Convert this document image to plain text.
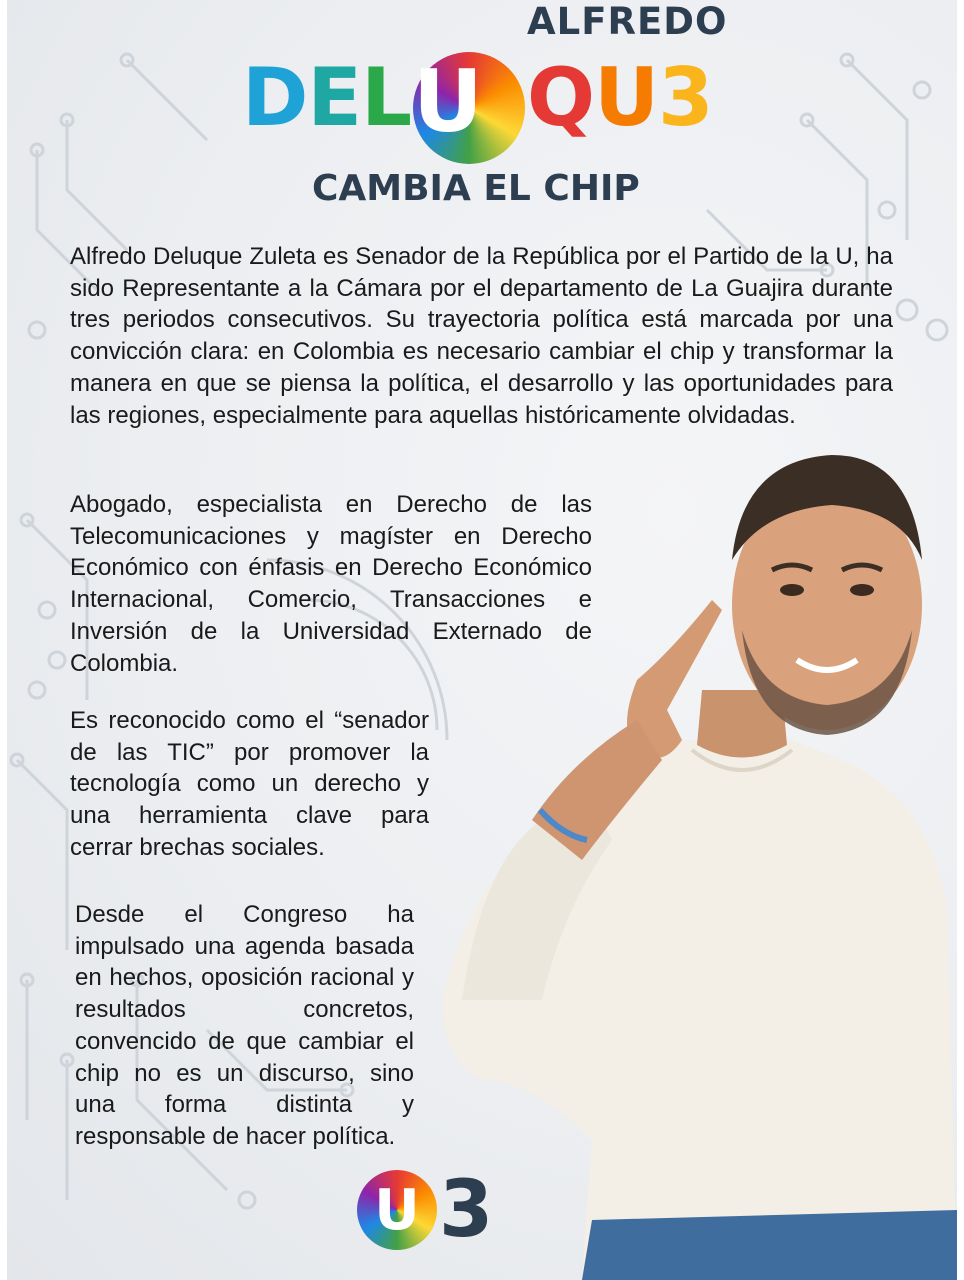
ALFREDO
D E L U Q U 3
CAMBIA EL CHIP

Alfredo Deluque Zuleta es Senador de la República por el Partido de la U, ha sido Representante a la Cámara por el departamento de La Guajira durante tres periodos consecutivos. Su trayectoria política está marcada por una convicción clara: en Colombia es necesario cambiar el chip y transformar la manera en que se piensa la política, el desarrollo y las oportunidades para las regiones, especialmente para aquellas históricamente olvidadas.

Abogado, especialista en Derecho de las Telecomunicaciones y magíster en Derecho Económico con énfasis en Derecho Económico Internacional, Comercio, Transacciones e Inversión de la Universidad Externado de Colombia.

Es reconocido como el “senador de las TIC” por promover la tecnología como un derecho y una herramienta clave para cerrar brechas sociales.

Desde el Congreso ha impulsado una agenda basada en hechos, oposición racional y resultados concretos, convencido de que cambiar el chip no es un discurso, sino una forma distinta y responsable de hacer política.

U 3
